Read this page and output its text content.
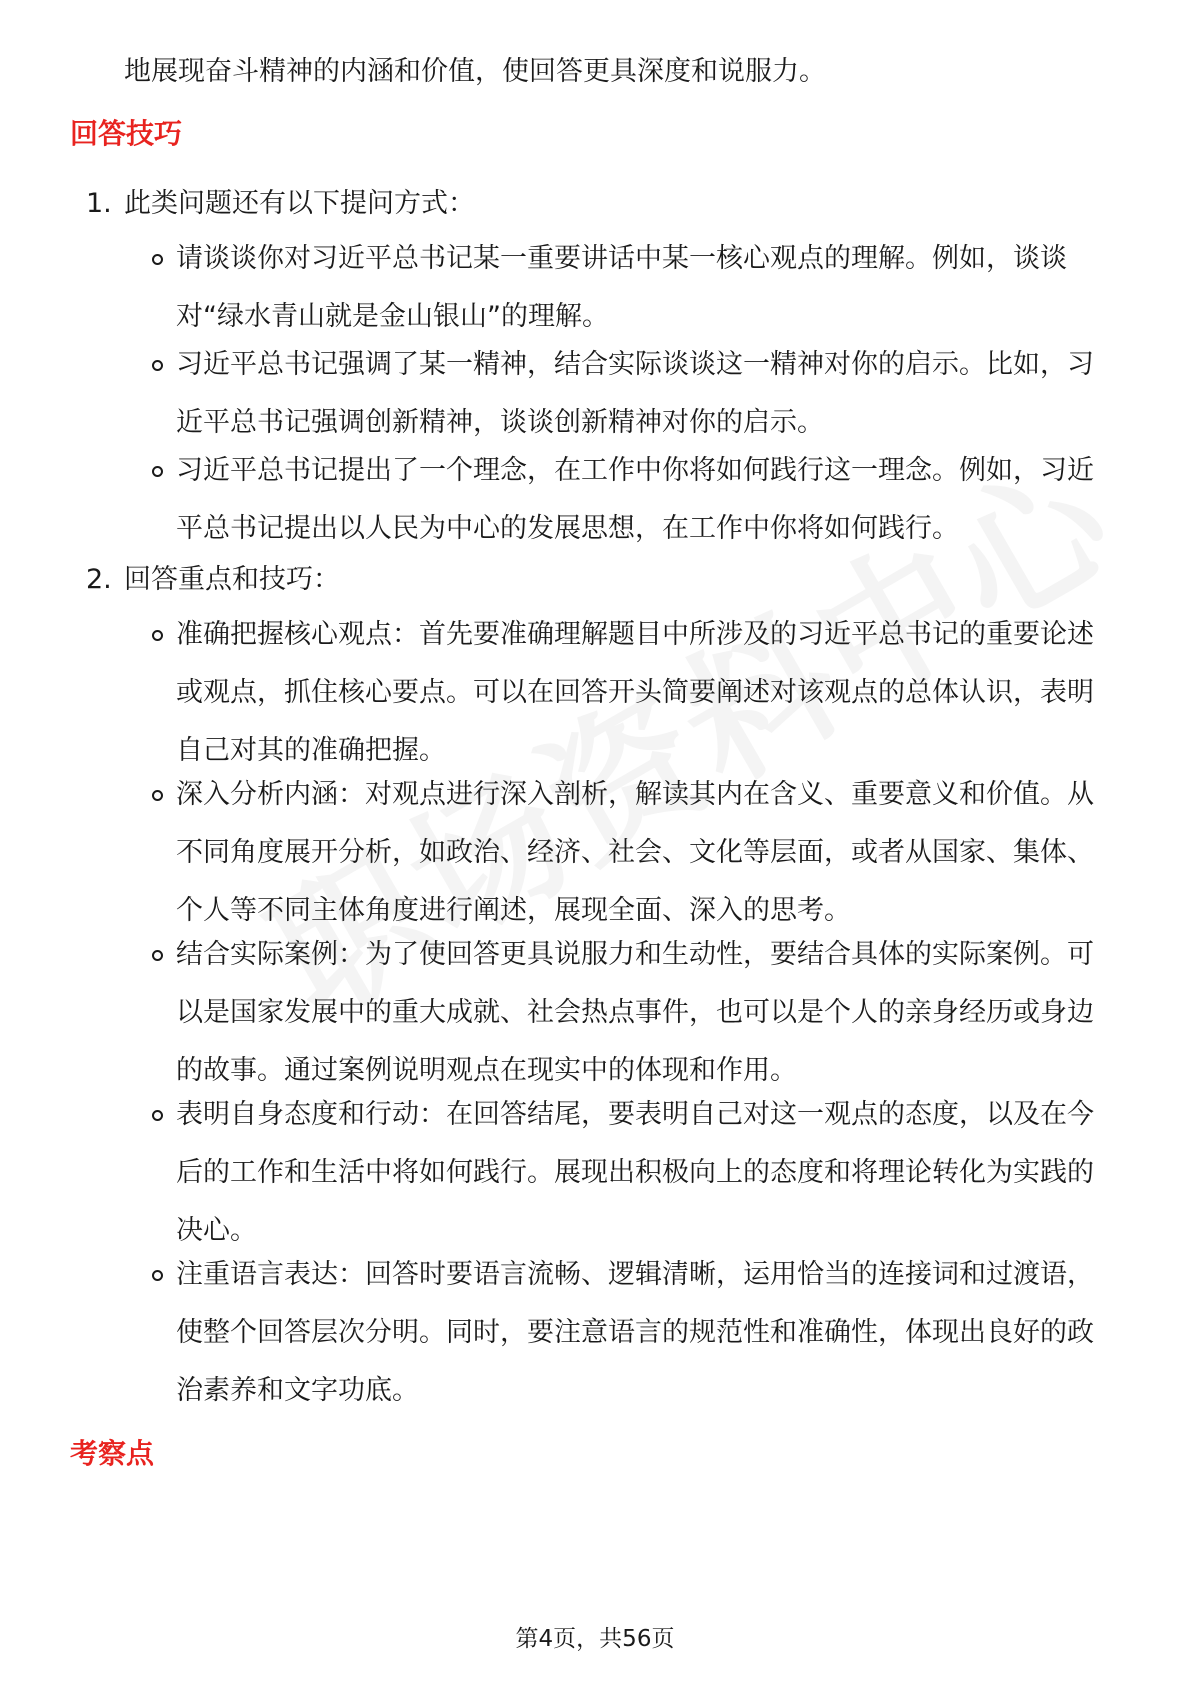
地展现奋斗精神的内涵和价值，使回答更具深度和说服力。

回答技巧
1. 此类问题还有以下提问方式：
请谈谈你对习近平总书记某一重要讲话中某一核心观点的理解。例如，谈谈对“绿水青山就是金山银山”的理解。
习近平总书记强调了某一精神，结合实际谈谈这一精神对你的启示。比如，习近平总书记强调创新精神，谈谈创新精神对你的启示。
习近平总书记提出了一个理念，在工作中你将如何践行这一理念。例如，习近平总书记提出以人民为中心的发展思想，在工作中你将如何践行。
2. 回答重点和技巧：
准确把握核心观点：首先要准确理解题目中所涉及的习近平总书记的重要论述或观点，抓住核心要点。可以在回答开头简要阐述对该观点的总体认识，表明自己对其的准确把握。
深入分析内涵：对观点进行深入剖析，解读其内在含义、重要意义和价值。从不同角度展开分析，如政治、经济、社会、文化等层面，或者从国家、集体、个人等不同主体角度进行阐述，展现全面、深入的思考。
结合实际案例：为了使回答更具说服力和生动性，要结合具体的实际案例。可以是国家发展中的重大成就、社会热点事件，也可以是个人的亲身经历或身边的故事。通过案例说明观点在现实中的体现和作用。
表明自身态度和行动：在回答结尾，要表明自己对这一观点的态度，以及在今后的工作和生活中将如何践行。展现出积极向上的态度和将理论转化为实践的决心。
注重语言表达：回答时要语言流畅、逻辑清晰，运用恰当的连接词和过渡语，使整个回答层次分明。同时，要注意语言的规范性和准确性，体现出良好的政治素养和文字功底。
考察点
第4页，共56页
